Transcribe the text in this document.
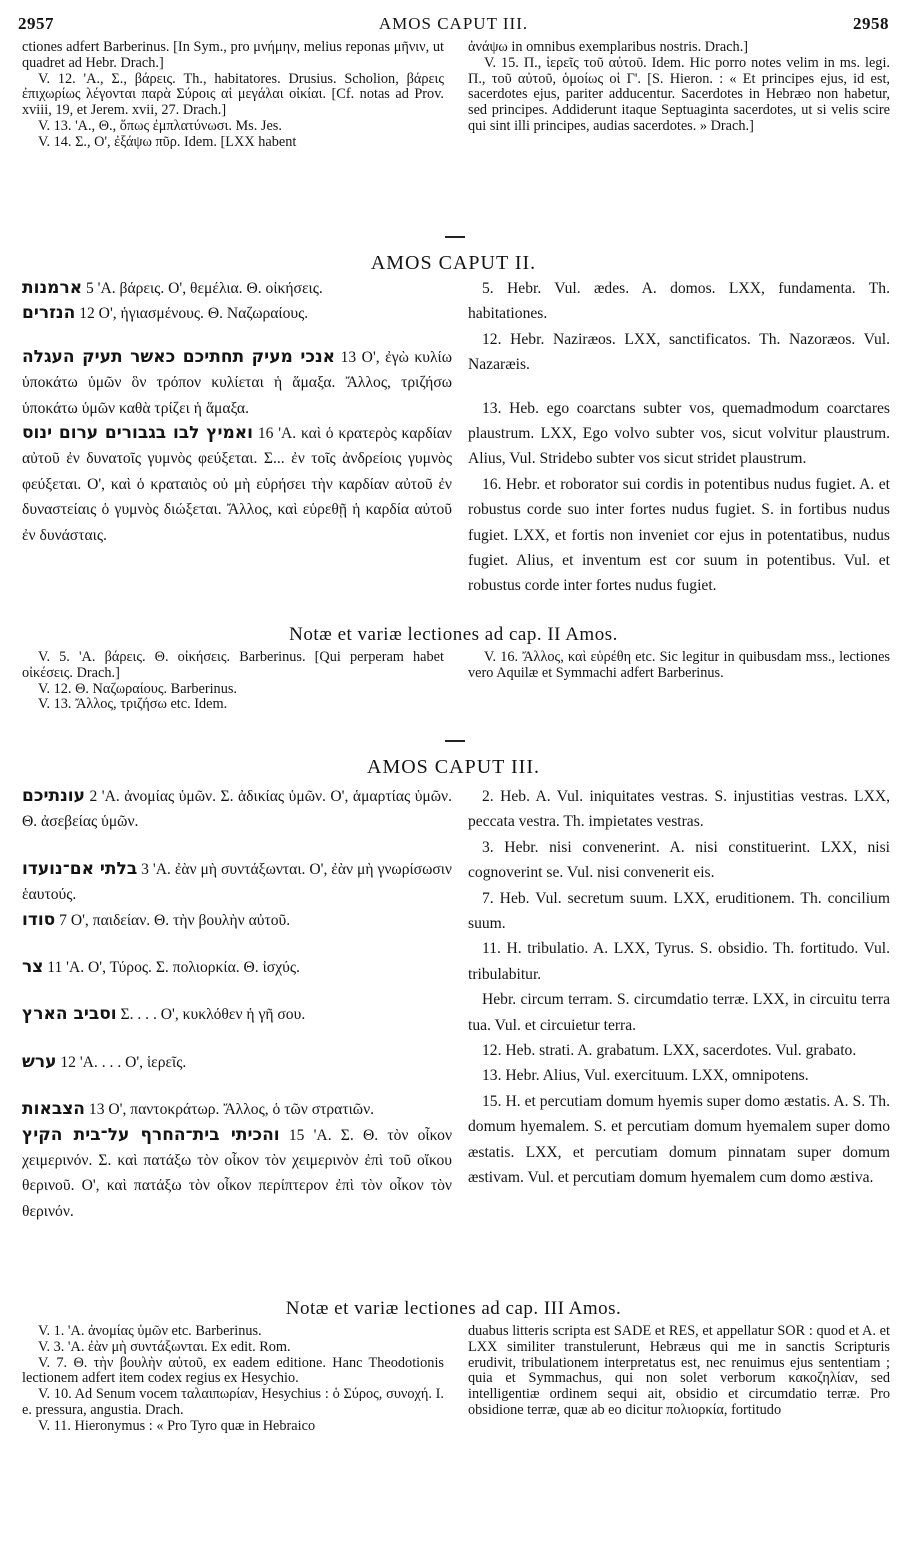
2957	AMOS CAPUT III.	2958

ctiones adfert Barberinus. [In Sym., pro μνήμην, melius reponas μῆνιν, ut quadret ad Hebr. Drach.]

V. 12. 'Α., Σ., βάρεις. Th., habitatores. Drusius. Scholion, βάρεις ἐπιχωρίως λέγονται παρὰ Σύροις αἱ μεγάλαι οἰκίαι. [Cf. notas ad Prov. xviii, 19, et Jerem. xvii, 27. Drach.]

V. 13. 'Α., Θ., ὅπως ἐμπλατύνωσι. Ms. Jes.

V. 14. Σ., Ο', ἐξάψω πῦρ. Idem. [LXX habent

ἀνάψω in omnibus exemplaribus nostris. Drach.]

V. 15. Π., ἱερεῖς τοῦ αὐτοῦ. Idem. Hic porro notes velim in ms. legi. Π., τοῦ αὐτοῦ, ὁμοίως οἱ Γ'. [S. Hieron. : « Et principes ejus, id est, sacerdotes ejus, pariter adducentur. Sacerdotes in Hebræo non habetur, sed principes. Addiderunt itaque Septuaginta sacerdotes, ut si velis scire qui sint illi principes, audias sacerdotes. » Drach.]

AMOS CAPUT II.

ארמנות 5 'Α. βάρεις. Ο', θεμέλια. Θ. οἰκήσεις.

הנזרים 12 Ο', ἡγιασμένους. Θ. Ναζωραίους.

אנכי מעיק תחתיכם כאשר תעיק העגלה 13 Ο', ἐγὼ κυλίω ὑποκάτω ὑμῶν ὃν τρόπον κυλίεται ἡ ἅμαξα. Ἄλλος, τριζήσω ὑποκάτω ὑμῶν καθὰ τρίζει ἡ ἅμαξα.

ואמיץ לבו בגבורים ערום ינוס 16 'Α. καὶ ὁ κρατερὸς καρδίαν αὐτοῦ ἐν δυνατοῖς γυμνὸς φεύξεται. Σ... ἐν τοῖς ἀνδρείοις γυμνὸς φεύξεται. Ο', καὶ ὁ κραταιὸς οὐ μὴ εὑρήσει τὴν καρδίαν αὐτοῦ ἐν δυναστείαις ὁ γυμνὸς διώξεται. Ἄλλος, καὶ εὑρεθῇ ἡ καρδία αὐτοῦ ἐν δυνάσταις.

5. Hebr. Vul. ædes. A. domos. LXX, fundamenta. Th. habitationes.

12. Hebr. Naziræos. LXX, sanctificatos. Th. Nazoræos. Vul. Nazaræis.

13. Heb. ego coarctans subter vos, quemadmodum coarctares plaustrum. LXX, Ego volvo subter vos, sicut volvitur plaustrum. Alius, Vul. Stridebo subter vos sicut stridet plaustrum.

16. Hebr. et roborator sui cordis in potentibus nudus fugiet. A. et robustus corde suo inter fortes nudus fugiet. S. in fortibus nudus fugiet. LXX, et fortis non inveniet cor ejus in potentatibus, nudus fugiet. Alius, et inventum est cor suum in potentibus. Vul. et robustus corde inter fortes nudus fugiet.

Notæ et variæ lectiones ad cap. II Amos.

V. 5. 'Α. βάρεις. Θ. οἰκήσεις. Barberinus. [Qui perperam habet οἰκέσεις. Drach.]

V. 12. Θ. Ναζωραίους. Barberinus.

V. 13. Ἄλλος, τριζήσω etc. Idem.

V. 16. Ἄλλος, καὶ εὑρέθη etc. Sic legitur in quibusdam mss., lectiones vero Aquilæ et Symmachi adfert Barberinus.

AMOS CAPUT III.

עונתיכם 2 'Α. ἀνομίας ὑμῶν. Σ. ἀδικίας ὑμῶν. Ο', ἁμαρτίας ὑμῶν. Θ. ἀσεβείας ὑμῶν.

בלתי אם־נועדו 3 'Α. ἐὰν μὴ συντάξωνται. Ο', ἐὰν μὴ γνωρίσωσιν ἑαυτούς.

סודו 7 Ο', παιδείαν. Θ. τὴν βουλὴν αὐτοῦ.

צר 11 'Α. Ο', Τύρος. Σ. πολιορκία. Θ. ἰσχύς.

וסביב הארץ Σ. . . . Ο', κυκλόθεν ἡ γῆ σου.

ערש 12 'Α. . . . Ο', ἱερεῖς.

הצבאות 13 Ο', παντοκράτωρ. Ἄλλος, ὁ τῶν στρατιῶν.

והכיתי בית־החרף על־בית הקיץ 15 'Α. Σ. Θ. τὸν οἶκον χειμερινόν. Σ. καὶ πατάξω τὸν οἶκον τὸν χειμερινὸν ἐπὶ τοῦ οἴκου θερινοῦ. Ο', καὶ πατάξω τὸν οἶκον περίπτερον ἐπὶ τὸν οἶκον τὸν θερινόν.

2. Heb. A. Vul. iniquitates vestras. S. injustitias vestras. LXX, peccata vestra. Th. impietates vestras.

3. Hebr. nisi convenerint. A. nisi constituerint. LXX, nisi cognoverint se. Vul. nisi convenerit eis.

7. Heb. Vul. secretum suum. LXX, eruditionem. Th. concilium suum.

11. H. tribulatio. A. LXX, Tyrus. S. obsidio. Th. fortitudo. Vul. tribulabitur.

Hebr. circum terram. S. circumdatio terræ. LXX, in circuitu terra tua. Vul. et circuietur terra.

12. Heb. strati. A. grabatum. LXX, sacerdotes. Vul. grabato.

13. Hebr. Alius, Vul. exercituum. LXX, omnipotens.

15. H. et percutiam domum hyemis super domo æstatis. A. S. Th. domum hyemalem. S. et percutiam domum hyemalem super domo æstatis. LXX, et percutiam domum pinnatam super domum æstivam. Vul. et percutiam domum hyemalem cum domo æstiva.

Notæ et variæ lectiones ad cap. III Amos.

V. 1. 'Α. ἀνομίας ὑμῶν etc. Barberinus.

V. 3. 'Α. ἐὰν μὴ συντάξωνται. Ex edit. Rom.

V. 7. Θ. τὴν βουλὴν αὐτοῦ, ex eadem editione. Hanc Theodotionis lectionem adfert item codex regius ex Hesychio.

V. 10. Ad Senum vocem ταλαιπωρίαν, Hesychius : ὁ Σύρος, συνοχή. I. e. pressura, angustia. Drach.

V. 11. Hieronymus : « Pro Tyro quæ in Hebraico

duabus litteris scripta est SADE et RES, et appellatur SOR : quod et A. et LXX similiter transtulerunt, Hebræus qui me in sanctis Scripturis erudivit, tribulationem interpretatus est, nec renuimus ejus sententiam ; quia et Symmachus, qui non solet verborum κακοζηλίαν, sed intelligentiæ ordinem sequi ait, obsidio et circumdatio terræ. Pro obsidione terræ, quæ ab eo dicitur πολιορκία, fortitudo
